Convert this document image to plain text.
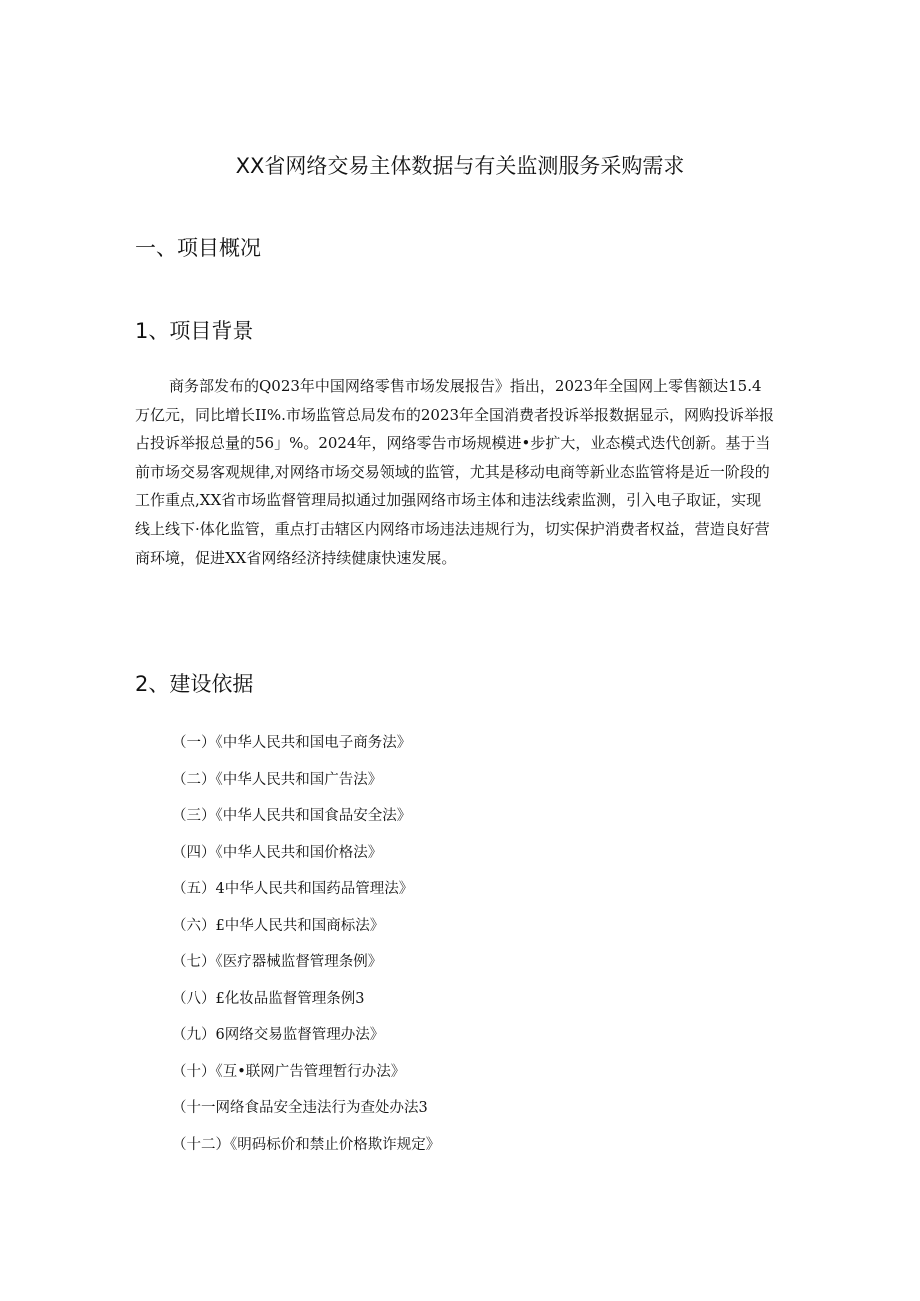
XX省网络交易主体数据与有关监测服务采购需求
一、项目概况
1、项目背景
商务部发布的Q023年中国网络零售市场发展报告》指出，2023年全国网上零售额达15.4
万亿元，同比增长II%.市场监管总局发布的2023年全国消费者投诉举报数据显示，网购投诉举报
占投诉举报总量的56」%。2024年，网络零告市场规模进•步扩大，业态模式迭代创新。基于当
前市场交易客观规律,对网络市场交易领域的监管，尤其是移动电商等新业态监管将是近一阶段的
工作重点,XX省市场监督管理局拟通过加强网络市场主体和违法线索监测，引入电子取证，实现
线上线下·体化监管，重点打击辖区内网络市场违法违规行为，切实保护消费者权益，营造良好营
商环境，促进XX省网络经济持续健康快速发展。
2、建设依据
（一）《中华人民共和国电子商务法》
（二）《中华人民共和国广告法》
（三）《中华人民共和国食品安全法》
（四）《中华人民共和国价格法》
（五）4中华人民共和国药品管理法》
（六）£中华人民共和国商标法》
（七）《医疗器械监督管理条例》
（八）£化妆品监督管理条例3
（九）6网络交易监督管理办法》
（十）《互•联网广告管理暂行办法》
（十一网络食品安全违法行为查处办法3
（十二）《明码标价和禁止价格欺诈规定》
